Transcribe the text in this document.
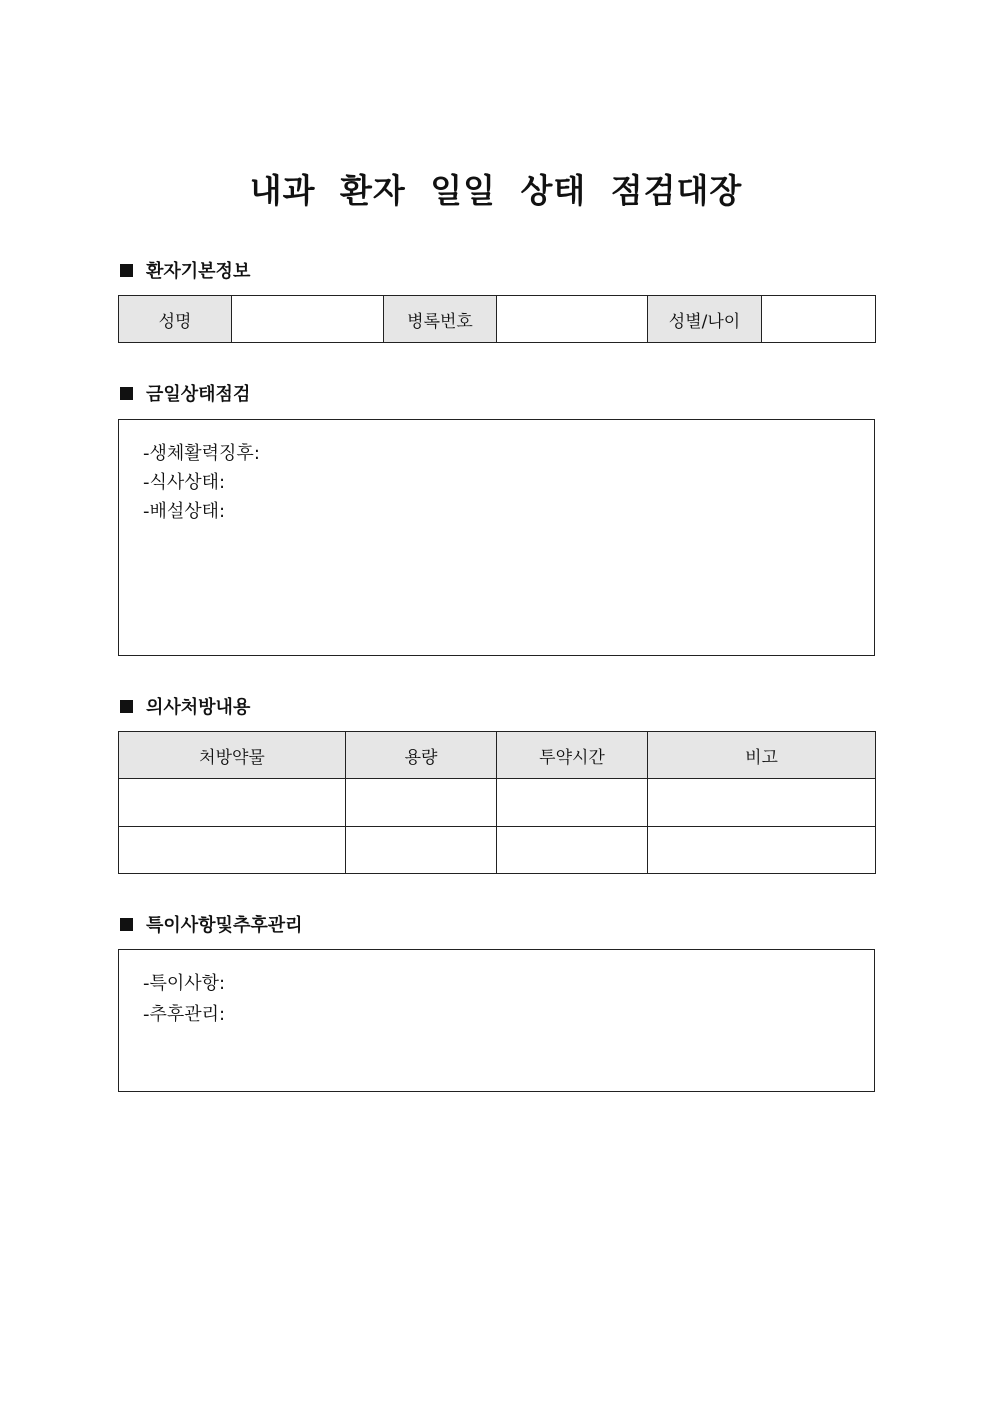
내과 환자 일일 상태 점검대장
환자기본정보
성명		병록번호		성별/나이	
금일상태점검
-생체활력징후:
-식사상태:
-배설상태:
의사처방내용
처방약물	용량	투약시간	비고

특이사항및추후관리
-특이사항:
-추후관리:
